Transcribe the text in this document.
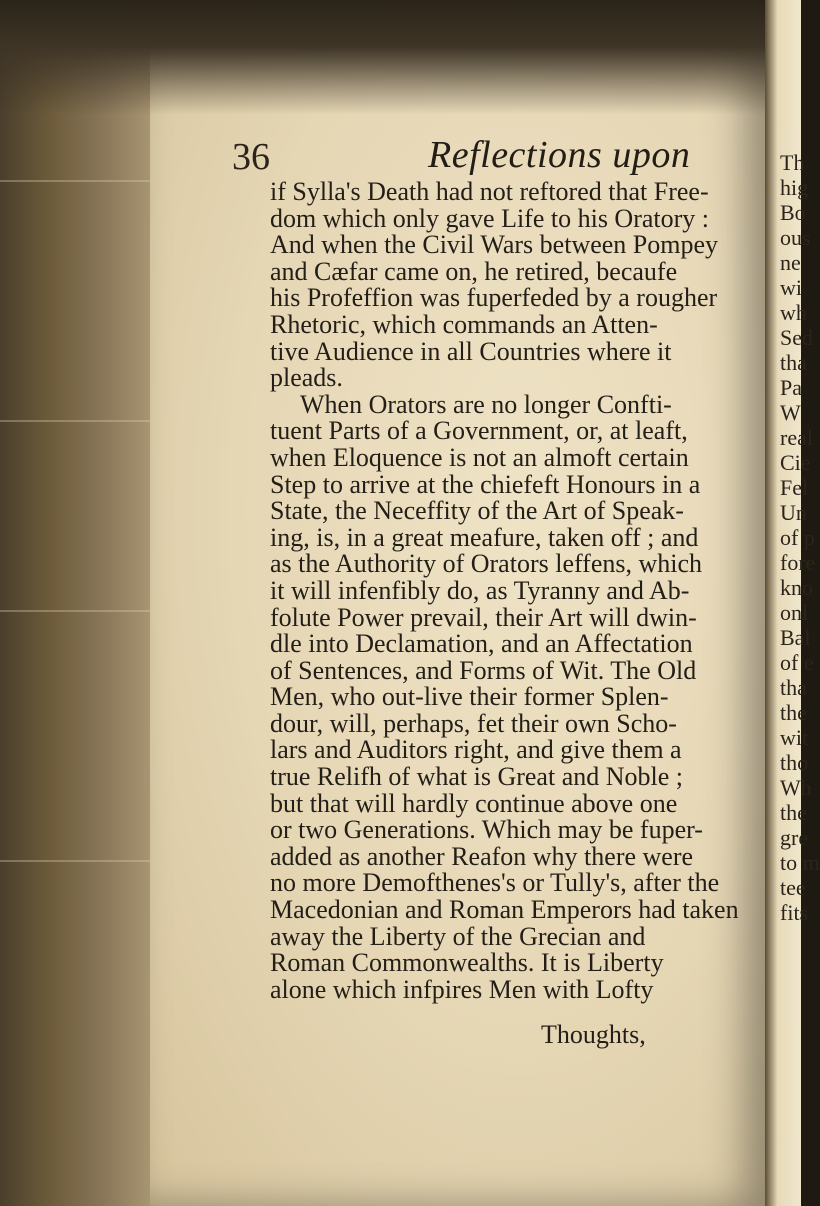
Th
hig
Bo
ous
ne
wi
wh
Sed
tha
Pa
W
real
Cie
Fel
Un
of p
fore
kno
onl
Bal
of e
tha
the
wit
tho
Wh
the
gre
to m
tee
fits
36	Reflections upon
if Sylla's Death had not reftored that Free-
dom which only gave Life to his Oratory :
And when the Civil Wars between Pompey
and Cæfar came on, he retired, becaufe
his Profeffion was fuperfeded by a rougher
Rhetoric, which commands an Atten-
tive Audience in all Countries where it
pleads.
When Orators are no longer Confti-
tuent Parts of a Government, or, at leaft,
when Eloquence is not an almoft certain
Step to arrive at the chiefeft Honours in a
State, the Neceffity of the Art of Speak-
ing, is, in a great meafure, taken off ; and
as the Authority of Orators leffens, which
it will infenfibly do, as Tyranny and Ab-
folute Power prevail, their Art will dwin-
dle into Declamation, and an Affectation
of Sentences, and Forms of Wit. The Old
Men, who out-live their former Splen-
dour, will, perhaps, fet their own Scho-
lars and Auditors right, and give them a
true Relifh of what is Great and Noble ;
but that will hardly continue above one
or two Generations. Which may be fuper-
added as another Reafon why there were
no more Demofthenes's or Tully's, after the
Macedonian and Roman Emperors had taken
away the Liberty of the Grecian and
Roman Commonwealths. It is Liberty
alone which infpires Men with Lofty
Thoughts,
